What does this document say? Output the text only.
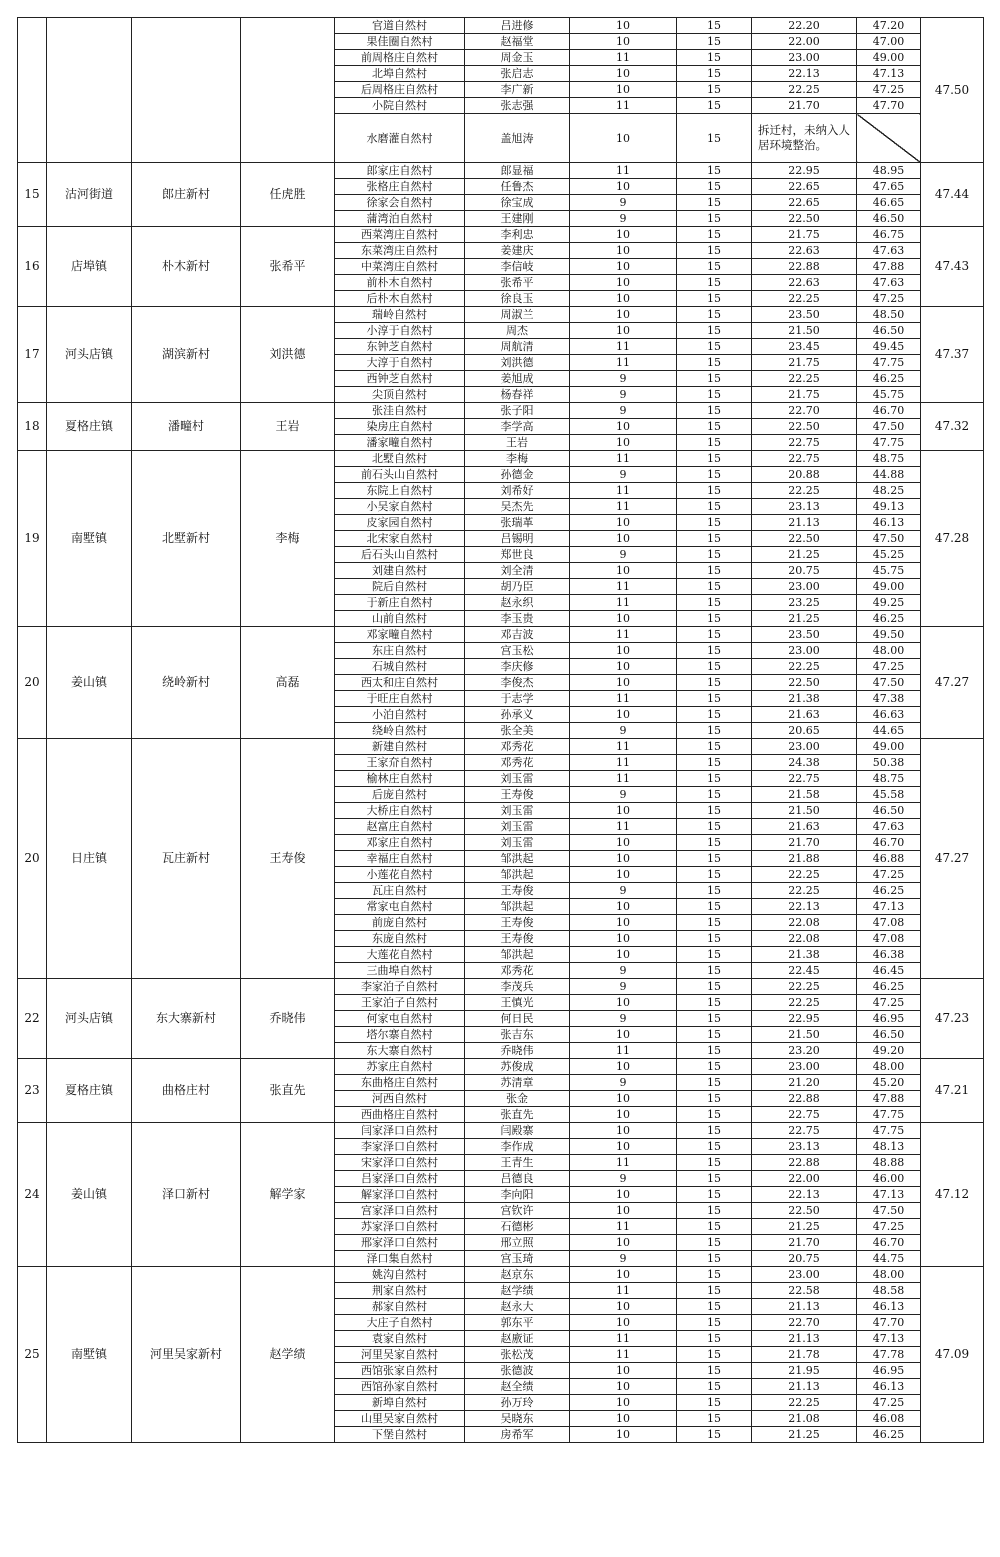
				官道自然村	吕进修	10	15	22.20	47.20	47.50
				果佳圈自然村	赵福堂	10	15	22.00	47.00	
				前周格庄自然村	周金玉	11	15	23.00	49.00	
				北埠自然村	张启志	10	15	22.13	47.13	
				后周格庄自然村	李广新	10	15	22.25	47.25	
				小院自然村	张志强	11	15	21.70	47.70	
				水磨灌自然村	盖旭涛	10	15	拆迁村，未纳入人居环境整治。		
15	沽河街道	郎庄新村	任虎胜	郎家庄自然村	郎显福	11	15	22.95	48.95	47.44
				张格庄自然村	任鲁杰	10	15	22.65	47.65	
				徐家会自然村	徐宝成	9	15	22.65	46.65	
				蒲湾泊自然村	王建刚	9	15	22.50	46.50	
16	店埠镇	朴木新村	张希平	西菜湾庄自然村	李利忠	10	15	21.75	46.75	47.43
				东菜湾庄自然村	姜建庆	10	15	22.63	47.63	
				中菜湾庄自然村	李信岐	10	15	22.88	47.88	
				前朴木自然村	张希平	10	15	22.63	47.63	
				后朴木自然村	徐良玉	10	15	22.25	47.25	
17	河头店镇	湖滨新村	刘洪德	瑞岭自然村	周淑兰	10	15	23.50	48.50	47.37
				小淳于自然村	周杰	10	15	21.50	46.50	
				东钟芝自然村	周航清	11	15	23.45	49.45	
				大淳于自然村	刘洪德	11	15	21.75	47.75	
				西钟芝自然村	姜旭成	9	15	22.25	46.25	
				尖顶自然村	杨春祥	9	15	21.75	45.75	
18	夏格庄镇	潘疃村	王岩	张洼自然村	张子阳	9	15	22.70	46.70	47.32
				染房庄自然村	李学高	10	15	22.50	47.50	
				潘家疃自然村	王岩	10	15	22.75	47.75	
19	南墅镇	北墅新村	李梅	北墅自然村	李梅	11	15	22.75	48.75	47.28
				前石头山自然村	孙德金	9	15	20.88	44.88	
				东院上自然村	刘希好	11	15	22.25	48.25	
				小吴家自然村	吴杰先	11	15	23.13	49.13	
				皮家园自然村	张瑞革	10	15	21.13	46.13	
				北宋家自然村	吕锡明	10	15	22.50	47.50	
				后石头山自然村	郑世良	9	15	21.25	45.25	
				刘建自然村	刘全清	10	15	20.75	45.75	
				院后自然村	胡乃臣	11	15	23.00	49.00	
				于新庄自然村	赵永织	11	15	23.25	49.25	
				山前自然村	李玉贵	10	15	21.25	46.25	
20	姜山镇	绕岭新村	高磊	邓家疃自然村	邓吉波	11	15	23.50	49.50	47.27
				东庄自然村	宫玉松	10	15	23.00	48.00	
				石城自然村	李庆修	10	15	22.25	47.25	
				西太和庄自然村	李俊杰	10	15	22.50	47.50	
				于旺庄自然村	于志学	11	15	21.38	47.38	
				小泊自然村	孙承义	10	15	21.63	46.63	
				绕岭自然村	张全美	9	15	20.65	44.65	
20	日庄镇	瓦庄新村	王寿俊	新建自然村	邓秀花	11	15	23.00	49.00	47.27
				王家夼自然村	邓秀花	11	15	24.38	50.38	
				榆林庄自然村	刘玉雷	11	15	22.75	48.75	
				后庞自然村	王寿俊	9	15	21.58	45.58	
				大桥庄自然村	刘玉雷	10	15	21.50	46.50	
				赵富庄自然村	刘玉雷	11	15	21.63	47.63	
				邓家庄自然村	刘玉雷	10	15	21.70	46.70	
				幸福庄自然村	邹洪起	10	15	21.88	46.88	
				小莲花自然村	邹洪起	10	15	22.25	47.25	
				瓦庄自然村	王寿俊	9	15	22.25	46.25	
				常家屯自然村	邹洪起	10	15	22.13	47.13	
				前庞自然村	王寿俊	10	15	22.08	47.08	
				东庞自然村	王寿俊	10	15	22.08	47.08	
				大莲花自然村	邹洪起	10	15	21.38	46.38	
				三曲埠自然村	邓秀花	9	15	22.45	46.45	
22	河头店镇	东大寨新村	乔晓伟	李家泊子自然村	李茂兵	9	15	22.25	46.25	47.23
				王家泊子自然村	王慎光	10	15	22.25	47.25	
				何家屯自然村	何日民	9	15	22.95	46.95	
				塔尔寨自然村	张吉东	10	15	21.50	46.50	
				东大寨自然村	乔晓伟	11	15	23.20	49.20	
23	夏格庄镇	曲格庄村	张直先	苏家庄自然村	苏俊成	10	15	23.00	48.00	47.21
				东曲格庄自然村	苏清章	9	15	21.20	45.20	
				河西自然村	张金	10	15	22.88	47.88	
				西曲格庄自然村	张直先	10	15	22.75	47.75	
24	姜山镇	泽口新村	解学家	闫家泽口自然村	闫殿寨	10	15	22.75	47.75	47.12
				李家泽口自然村	李作成	10	15	23.13	48.13	
				宋家泽口自然村	王青生	11	15	22.88	48.88	
				吕家泽口自然村	吕德良	9	15	22.00	46.00	
				解家泽口自然村	李向阳	10	15	22.13	47.13	
				宫家泽口自然村	宫钦许	10	15	22.50	47.50	
				苏家泽口自然村	石德彬	11	15	21.25	47.25	
				邢家泽口自然村	邢立照	10	15	21.70	46.70	
				泽口集自然村	宫玉琦	9	15	20.75	44.75	
25	南墅镇	河里吴家新村	赵学绩	姚沟自然村	赵京东	10	15	23.00	48.00	47.09
				荆家自然村	赵学绩	11	15	22.58	48.58	
				郝家自然村	赵永大	10	15	21.13	46.13	
				大庄子自然村	郭东平	10	15	22.70	47.70	
				袁家自然村	赵廒证	11	15	21.13	47.13	
				河里吴家自然村	张松茂	11	15	21.78	47.78	
				西馆张家自然村	张德波	10	15	21.95	46.95	
				西馆孙家自然村	赵全绩	10	15	21.13	46.13	
				新埠自然村	孙万玲	10	15	22.25	47.25	
				山里吴家自然村	吴晓东	10	15	21.08	46.08	
				下堡自然村	房希军	10	15	21.25	46.25	
